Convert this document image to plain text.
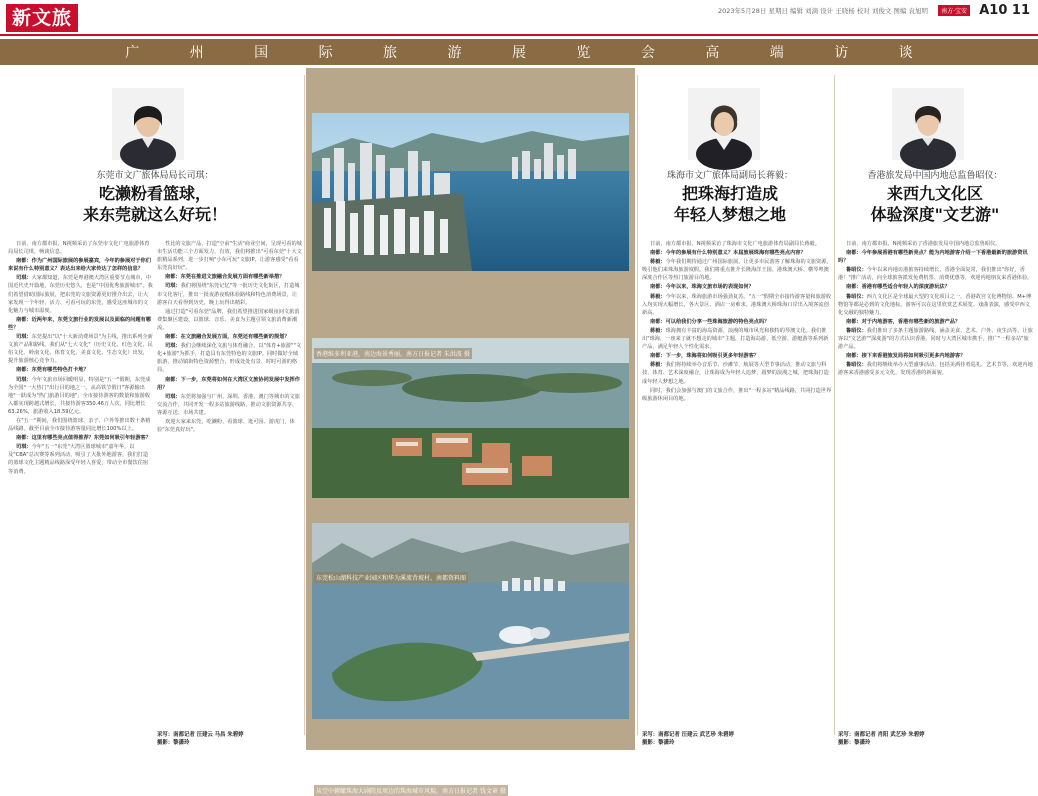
新文旅	2023年5月28日 星期日 编辑 刘滴 设计 王晓杨 校对 刘俊文 图编 袁旭明	南方·宝安 A10 11
广	州	国	际	旅	游	展	览	会	高	端	访	谈
香港维多利亚港，南边海景秀丽。南方日报记者 朱洪波 摄
东莞松山湖科技产业园区和华为溪流背坡村。南都资料图
从空中俯瞰珠海大剧院及周边的珠海城市风貌。南方日报记者 钱文章 摄
东莞市文广旅体局局长司琪：
吃濑粉看篮球，
来东莞就这么好玩！
珠海市文广旅体局副局长蒋毅：
把珠海打造成
年轻人梦想之地
香港旅发局中国内地总监鲁昭仪：
来西九文化区
体验深度"文艺游"

日前，南方都市报、N视频采访了东莞市文化广电旅游体育局局长司琪，畅谈信息。

南都：作为广州国际旅展的参展嘉宾，今年的参展对于你们来说有什么特别意义？表达出来给大家传达了怎样的信息？

司琪：大家都知道，东莞是粤港澳大湾区重要节点城市，中国近代史开篇地，东莞历史悠久，也是"中国优秀旅游城市"。我们希望借助国际旅展，把东莞的文旅资源更好推介出去，让大家发现一个年轻、活力、可看可玩的东莞，感受这座城市的文化魅力与城市温度。

南都：近两年来，东莞文旅行业的发展以及面临的问题有哪些？

司琪：东莞提出"以"十大新消费场景"为主线，推出系列全新文旅产品和路线。我们从"七大文化"（历史文化、红色文化、民俗文化、岭南文化、体育文化、美食文化、生态文化）出发，提升旅游核心竞争力。

南都：东莞有哪些特色打卡地？

司琪：今年文旅市场回暖明显，特别是"五一"假期，东莞成为全国"一大热门"出行目的地之一。从高铁节假日"客源输出地"一跃成为"热门旅游目的地"，全市接待游客的数量和旅游收入都实现跨越式增长，共接待游客350.46万人次，同比增长63.26%，旅游收入18.59亿元。

在"五一"期间，我们围绕篮球、亲子、户外等推出数十条精品线路。截至目前全市接待游客量同比增长100%以上。

南都：这里有哪些亮点值得推荐？东莞如何吸引年轻游客？

司琪：今年"五一"东莞"大湾区篮球城市"嘉年华，以及"CBA"总决赛等系列活动，吸引了大批外地游客，我们打造的篮球文化主题精品线路深受年轻人喜爱，带动全市餐饮住宿等消费。

性比的文旅产品，打造"空前"生活"商业空间，呈现可看的城市生活功能三个方面发力，有效，我们将推出"可看东莞"十大文旅精品系列，进一步打响"小东可玩"文旅IP，让游客感受"看看东莞真好玩"。

南都：东莞在推进文旅融合发展方面有哪些新举措？

司琪：我们将围绕"东莞记忆"等一批历史文化街区，打造城市文化客厅，推出一批夜游夜购体验路线和特色消费场景，让游客白天看得到历史，晚上玩得出精彩。

通过打造"可看东莞"品牌，我们希望推进国家级夜间文旅消费集聚区建设，以篮球、音乐、美食为主题引领文旅消费新潮流。

南都：在文旅融合发展方面，东莞还有哪些新的规划？

司琪：我们会继续深化文旅与体育融合，以"体育+旅游""文化+旅游"为抓手，打造具有东莞特色的文旅IP。同时做好全域旅游，推动镇街特色资源整合，形成处处有景、时时可游的格局。

南都：下一步，东莞将如何在大湾区文旅协同发展中发挥作用？

司琪：东莞将加强与广州、深圳、香港、澳门等城市的文旅交流合作，共同开发一程多站旅游线路，推动文旅资源共享、客源互送、市场共建。

欢迎大家来东莞，吃濑粉、看篮球、逛可园、游虎门，体验"东莞真好玩"。

日前，南方都市报、N视频采访了珠海市文化广电旅游体育局副局长蒋毅。

南都：今年的参展有什么特别意义？本届旅展珠海有哪些亮点内容？

蒋毅：今年我们期待通过广州国际旅展，让更多市民游客了解珠海的文旅资源，吸引他们来珠海旅游度假。我们将重点推介长隆海洋王国、港珠澳大桥、横琴粤澳深度合作区等热门旅游目的地。

南都：今年以来，珠海文旅市场的表现如何？

蒋毅：今年以来，珠海旅游市场强劲复苏。"五一"假期全市接待游客量和旅游收入均实现大幅增长，各大景区、酒店一房难求，港珠澳大桥珠海口岸出入境客流创新高。

南都：可以给我们分享一些珠海旅游的特色亮点吗？

蒋毅：珠海拥有丰富的海岛资源、浪漫的城市风光和独特的琴澳文化。我们推出"珠海，一座来了就不想走的城市"主题，打造海岛游、低空游、游艇游等系列新产品，满足年轻人个性化需求。

南都：下一步，珠海将如何吸引更多年轻游客？

蒋毅：我们将持续举办音乐节、沙滩节、航展等大型节事活动，推动文旅与科技、体育、艺术深度融合，让珠海成为年轻人追梦、圆梦的浪漫之城，把珠海打造成年轻人梦想之地。

同时，我们会加强与澳门的文旅合作，推出"一程多站"精品线路，共同打造世界级旅游休闲目的地。

日前，南方都市报、N视频采访了香港旅发局中国内地总监鲁昭仪。

南都：今年参展香港有哪些新亮点？能为内地游客介绍一下香港最新的旅游资讯吗？

鲁昭仪：今年以来内地访港旅客持续增长，香港全面复常，我们推出"你好，香港！"推广活动，向全球旅客派发免费机票、消费优惠等，欢迎内地朋友来香港体验。

南都：香港有哪些适合年轻人的深度游玩法？

鲁昭仪：西九文化区是全球最大型的文化项目之一，香港故宫文化博物馆、M+博物馆等都是必到的文化地标。游客可以在这里欣赏艺术展览、戏曲表演，感受中西文化交融的独特魅力。

南都：对于内地游客，香港有哪些新的旅游产品？

鲁昭仪：我们推出了多条主题旅游路线，涵盖美食、艺术、户外、夜生活等，让旅客以"文艺游""深度游"的方式认识香港。同时与大湾区城市携手，推广"一程多站"旅游产品。

南都：接下来香港旅发局将如何吸引更多内地游客？

鲁昭仪：我们将继续举办大型盛事活动，包括美酒佳肴巡礼、艺术节等，欢迎内地游客来香港感受多元文化，发现香港的新面貌。

采写：南都记者 汪建云 马昌 朱碧婷
摄影：黎潇玲
采写：南都记者 汪建云 武艺珍 朱碧婷
摄影：黎潇玲
采写：南都记者 肖阳 武艺珍 朱碧婷
摄影：黎潇玲
